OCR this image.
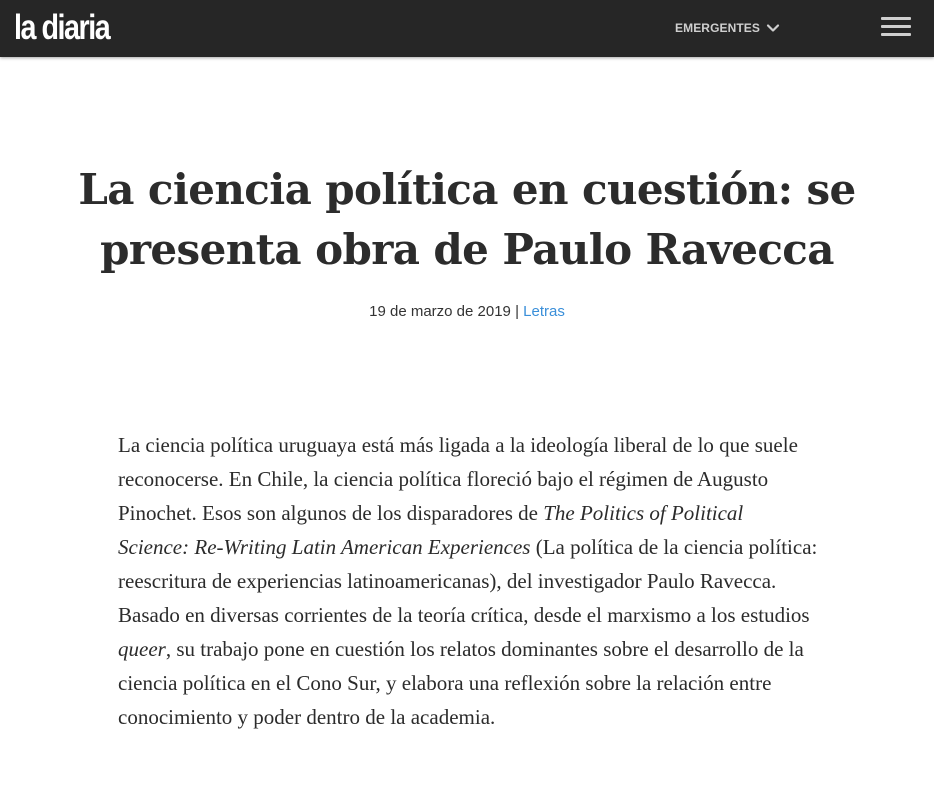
la diaria	EMERGENTES
La ciencia política en cuestión: se presenta obra de Paulo Ravecca
19 de marzo de 2019 | Letras

La ciencia política uruguaya está más ligada a la ideología liberal de lo que suele reconocerse. En Chile, la ciencia política floreció bajo el régimen de Augusto Pinochet. Esos son algunos de los disparadores de The Politics of Political Science: Re-Writing Latin American Experiences (La política de la ciencia política: reescritura de experiencias latinoamericanas), del investigador Paulo Ravecca. Basado en diversas corrientes de la teoría crítica, desde el marxismo a los estudios queer, su trabajo pone en cuestión los relatos dominantes sobre el desarrollo de la ciencia política en el Cono Sur, y elabora una reflexión sobre la relación entre conocimiento y poder dentro de la academia.
